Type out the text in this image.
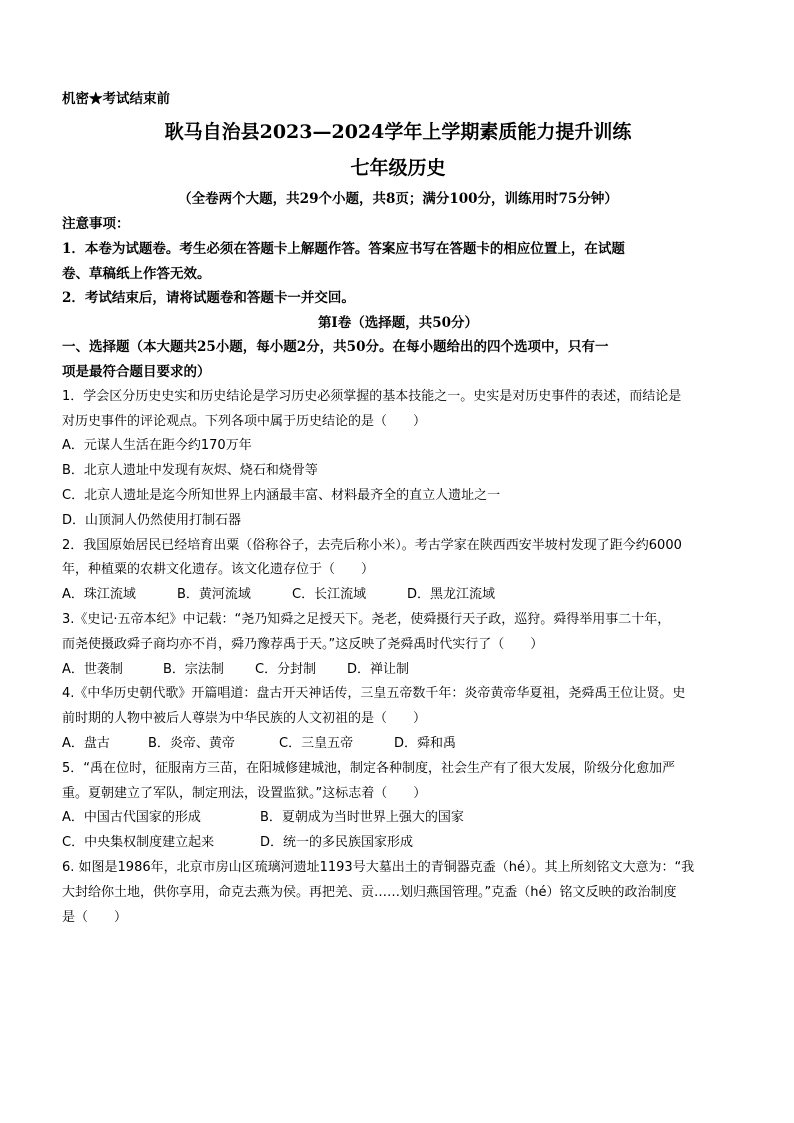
机密★考试结束前
耿马自治县2023—2024学年上学期素质能力提升训练
七年级历史
（全卷两个大题，共29个小题，共8页；满分100分，训练用时75分钟）
注意事项：
1．本卷为试题卷。考生必须在答题卡上解题作答。答案应书写在答题卡的相应位置上，在试题
卷、草稿纸上作答无效。
2．考试结束后，请将试题卷和答题卡一并交回。
第Ⅰ卷（选择题，共50分）
一、选择题（本大题共25小题，每小题2分，共50分。在每小题给出的四个选项中，只有一
项是最符合题目要求的）
1．学会区分历史史实和历史结论是学习历史必须掌握的基本技能之一。史实是对历史事件的表述，而结论是
对历史事件的评论观点。下列各项中属于历史结论的是（　　）
A．元谋人生活在距今约170万年
B．北京人遗址中发现有灰烬、烧石和烧骨等
C．北京人遗址是迄今所知世界上内涵最丰富、材料最齐全的直立人遗址之一
D．山顶洞人仍然使用打制石器
2．我国原始居民已经培育出粟（俗称谷子，去壳后称小米）。考古学家在陕西西安半坡村发现了距今约6000
年，种植粟的农耕文化遗存。该文化遗存位于（　　）
A．珠江流域	B．黄河流域	C．长江流域	D．黑龙江流域
3.《史记·五帝本纪》中记载：“尧乃知舜之足授天下。尧老，使舜摄行天子政，巡狩。舜得举用事二十年，
而尧使摄政舜子商均亦不肖，舜乃豫荐禹于天。”这反映了尧舜禹时代实行了（　　）
A．世袭制	B．宗法制	C．分封制	D．禅让制
4.《中华历史朝代歌》开篇唱道：盘古开天神话传，三皇五帝数千年：炎帝黄帝华夏祖，尧舜禹王位让贤。史
前时期的人物中被后人尊崇为中华民族的人文初祖的是（　　）
A．盘古	B．炎帝、黄帝	C．三皇五帝	D．舜和禹
5．“禹在位时，征服南方三苗，在阳城修建城池，制定各种制度，社会生产有了很大发展，阶级分化愈加严
重。夏朝建立了军队，制定刑法，设置监狱。”这标志着（　　）
A．中国古代国家的形成	B．夏朝成为当时世界上强大的国家
C．中央集权制度建立起来	D．统一的多民族国家形成
6. 如图是1986年，北京市房山区琉璃河遗址1193号大墓出土的青铜器克盉（hé）。其上所刻铭文大意为：“我
大封给你土地，供你享用，命克去燕为侯。再把羌、贡……划归燕国管理。”克盉（hé）铭文反映的政治制度
是（　　）
